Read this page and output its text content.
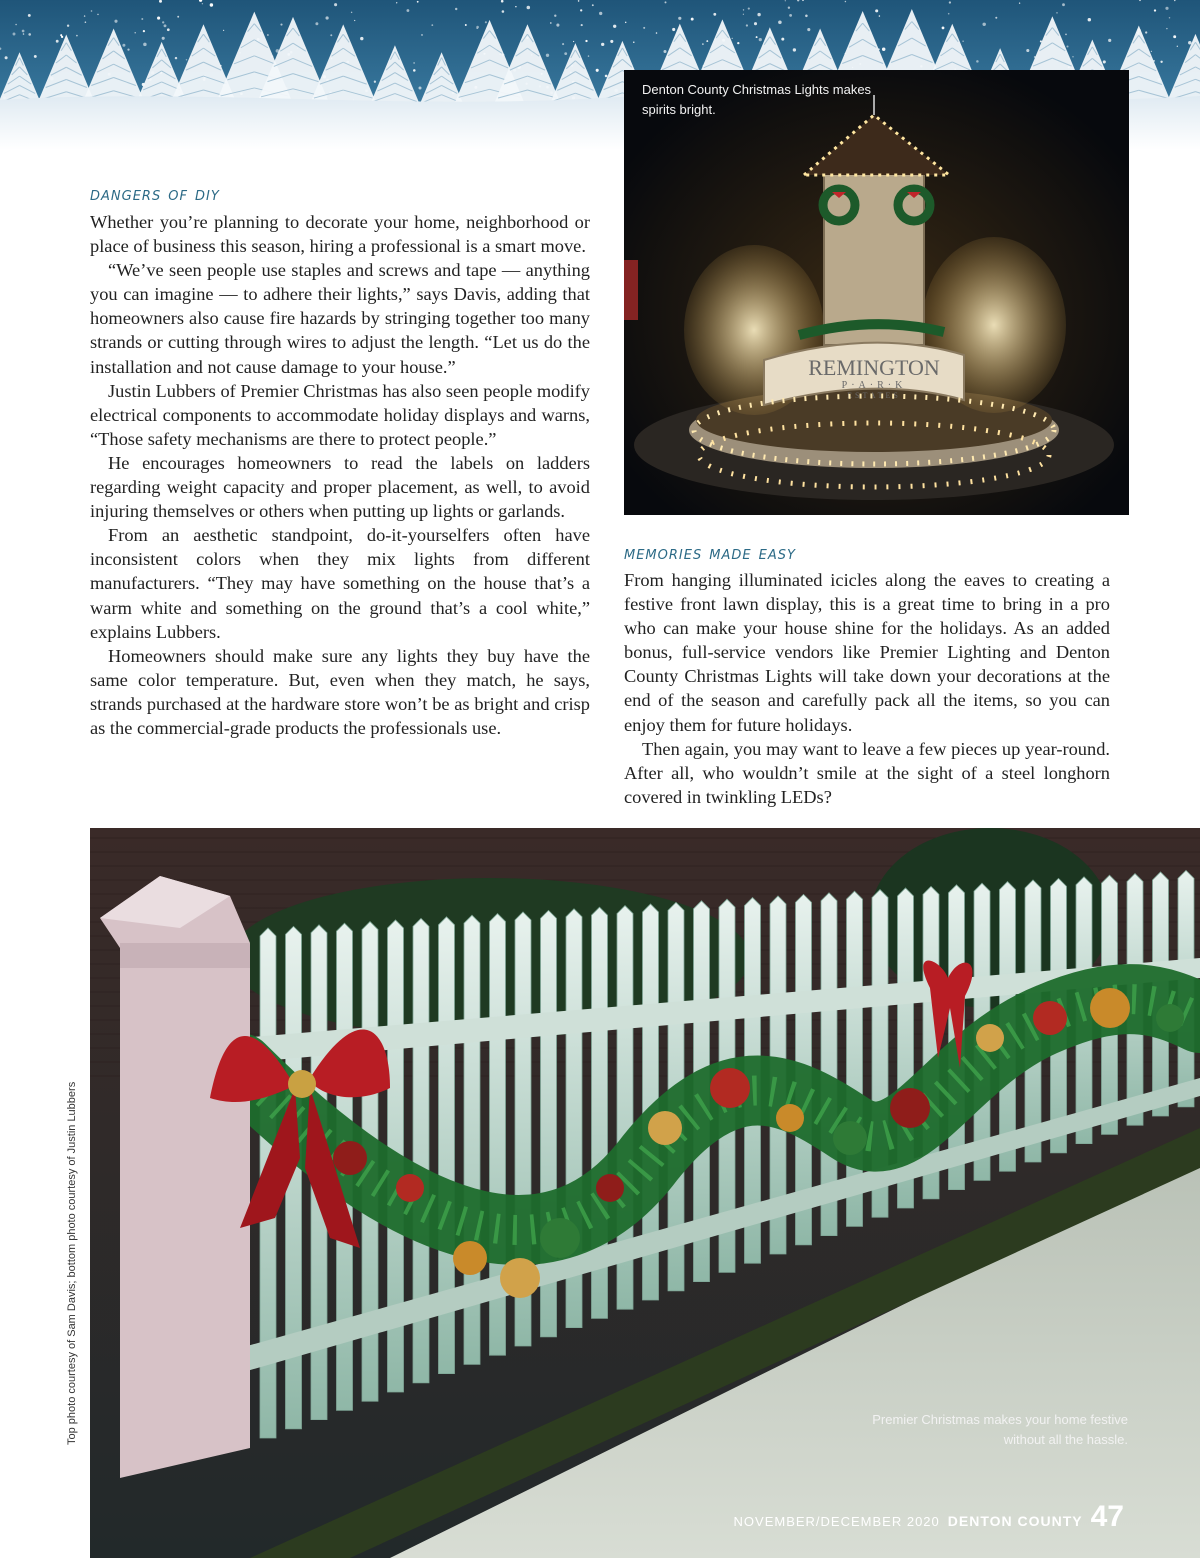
REMINGTON
P·A·R·K
ESTATES
Denton County Christmas Lights makes spirits bright.
dangers of diy

Whether you’re planning to decorate your home, neighborhood or place of business this season, hiring a professional is a smart move.

“We’ve seen people use staples and screws and tape — anything you can imagine — to adhere their lights,” says Davis, adding that homeowners also cause fire hazards by stringing together too many strands or cutting through wires to adjust the length. “Let us do the installation and not cause damage to your house.”

Justin Lubbers of Premier Christmas has also seen people modify electrical components to accommodate holiday displays and warns, “Those safety mechanisms are there to protect people.”

He encourages homeowners to read the labels on ladders regarding weight capacity and proper placement, as well, to avoid injuring themselves or others when putting up lights or garlands.

From an aesthetic standpoint, do-it-yourselfers often have inconsistent colors when they mix lights from different manufacturers. “They may have something on the house that’s a warm white and something on the ground that’s a cool white,” explains Lubbers.

Homeowners should make sure any lights they buy have the same color temperature. But, even when they match, he says, strands purchased at the hardware store won’t be as bright and crisp as the commercial-grade products the professionals use.

memories made easy

From hanging illuminated icicles along the eaves to creating a festive front lawn display, this is a great time to bring in a pro who can make your house shine for the holidays. As an added bonus, full-service vendors like Premier Lighting and Denton County Christmas Lights will take down your decorations at the end of the season and carefully pack all the items, so you can enjoy them for future holidays.

Then again, you may want to leave a few pieces up year-round. After all, who wouldn’t smile at the sight of a steel longhorn covered in twinkling LEDs?

Premier Christmas makes your home festive without all the hassle.
Top photo courtesy of Sam Davis; bottom photo courtesy of Justin Lubbers
NOVEMBER/DECEMBER 2020 DENTON COUNTY 47
